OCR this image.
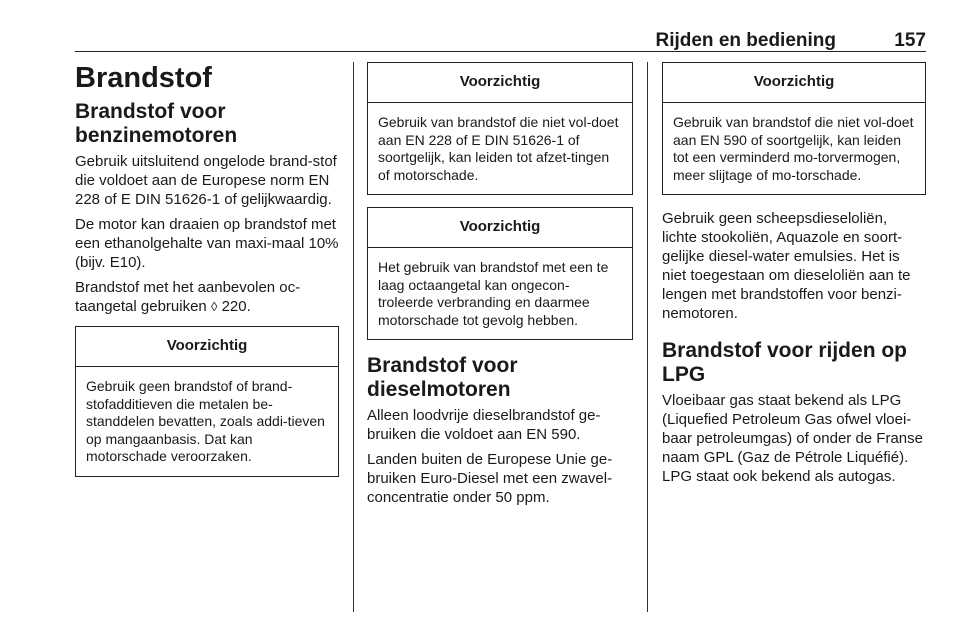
Rijden en bediening	157
Brandstof
Brandstof voor benzinemotoren

Gebruik uitsluitend ongelode brand-stof die voldoet aan de Europese norm EN 228 of E DIN 51626-1 of gelijkwaardig.

De motor kan draaien op brandstof met een ethanolgehalte van maxi-maal 10% (bijv. E10).

Brandstof met het aanbevolen oc-taangetal gebruiken ◊ 220.

Voorzichtig
Gebruik geen brandstof of brand-stofadditieven die metalen be-standdelen bevatten, zoals addi-tieven op mangaanbasis. Dat kan motorschade veroorzaken.
Voorzichtig
Gebruik van brandstof die niet vol-doet aan EN 228 of E DIN 51626-1 of soortgelijk, kan leiden tot afzet-tingen of motorschade.
Voorzichtig
Het gebruik van brandstof met een te laag octaangetal kan ongecon-troleerde verbranding en daarmee motorschade tot gevolg hebben.
Brandstof voor dieselmotoren

Alleen loodvrije dieselbrandstof ge-bruiken die voldoet aan EN 590.

Landen buiten de Europese Unie ge-bruiken Euro-Diesel met een zwavel-concentratie onder 50 ppm.

Voorzichtig
Gebruik van brandstof die niet vol-doet aan EN 590 of soortgelijk, kan leiden tot een verminderd mo-torvermogen, meer slijtage of mo-torschade.

Gebruik geen scheepsdieseloliën, lichte stookoliën, Aquazole en soort-gelijke diesel-water emulsies. Het is niet toegestaan om dieseloliën aan te lengen met brandstoffen voor benzi-nemotoren.

Brandstof voor rijden op LPG

Vloeibaar gas staat bekend als LPG (Liquefied Petroleum Gas ofwel vloei-baar petroleumgas) of onder de Franse naam GPL (Gaz de Pétrole Liquéfié). LPG staat ook bekend als autogas.
